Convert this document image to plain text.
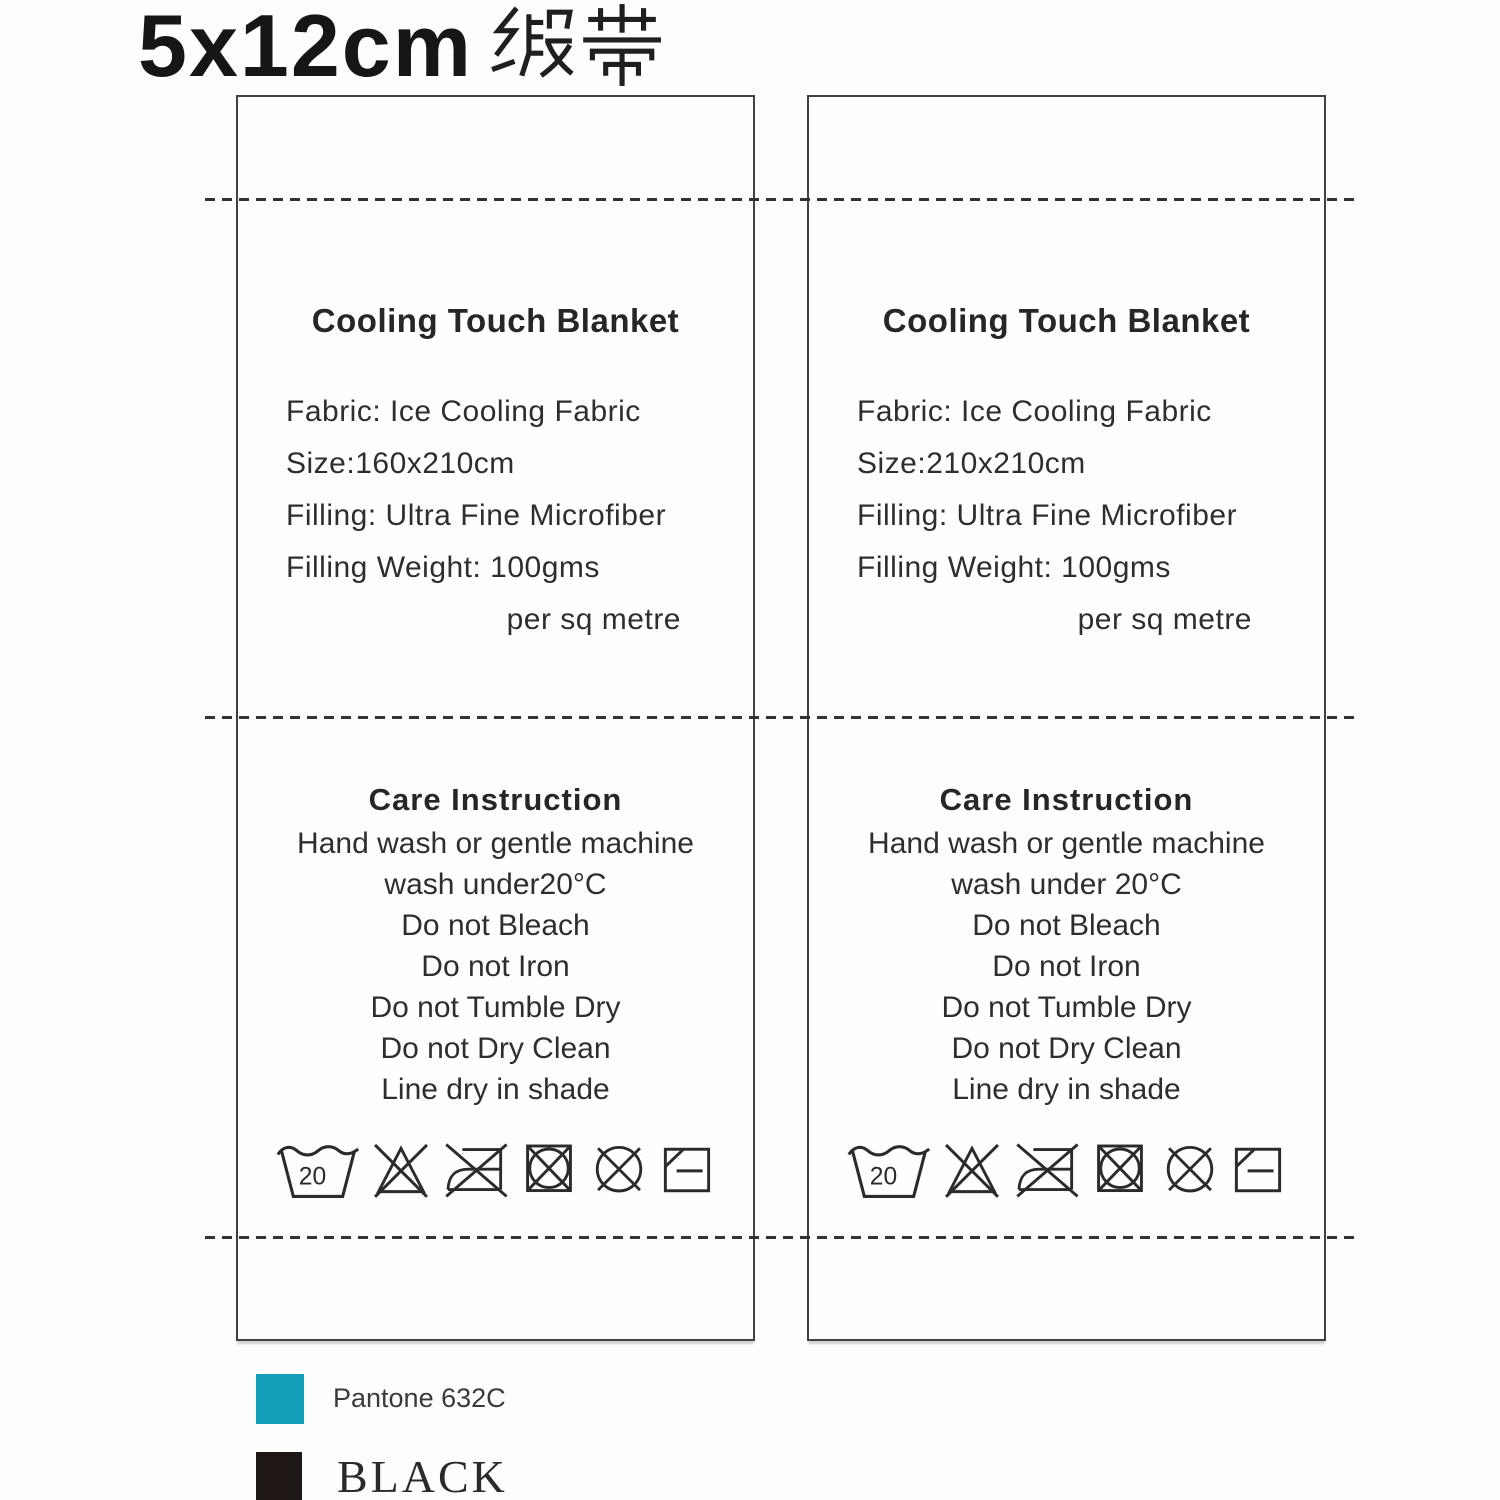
5x12cm
Cooling Touch Blanket
Fabric: Ice Cooling Fabric
Size:160x210cm
Filling: Ultra Fine Microfiber
Filling Weight: 100gms
per sq metre
Care Instruction
Hand wash or gentle machine
wash under20°C
Do not Bleach
Do not Iron
Do not Tumble Dry
Do not Dry Clean
Line dry in shade
20
Cooling Touch Blanket
Fabric: Ice Cooling Fabric
Size:210x210cm
Filling: Ultra Fine Microfiber
Filling Weight: 100gms
per sq metre
Care Instruction
Hand wash or gentle machine
wash under 20°C
Do not Bleach
Do not Iron
Do not Tumble Dry
Do not Dry Clean
Line dry in shade
20
Pantone 632C
BLACK
